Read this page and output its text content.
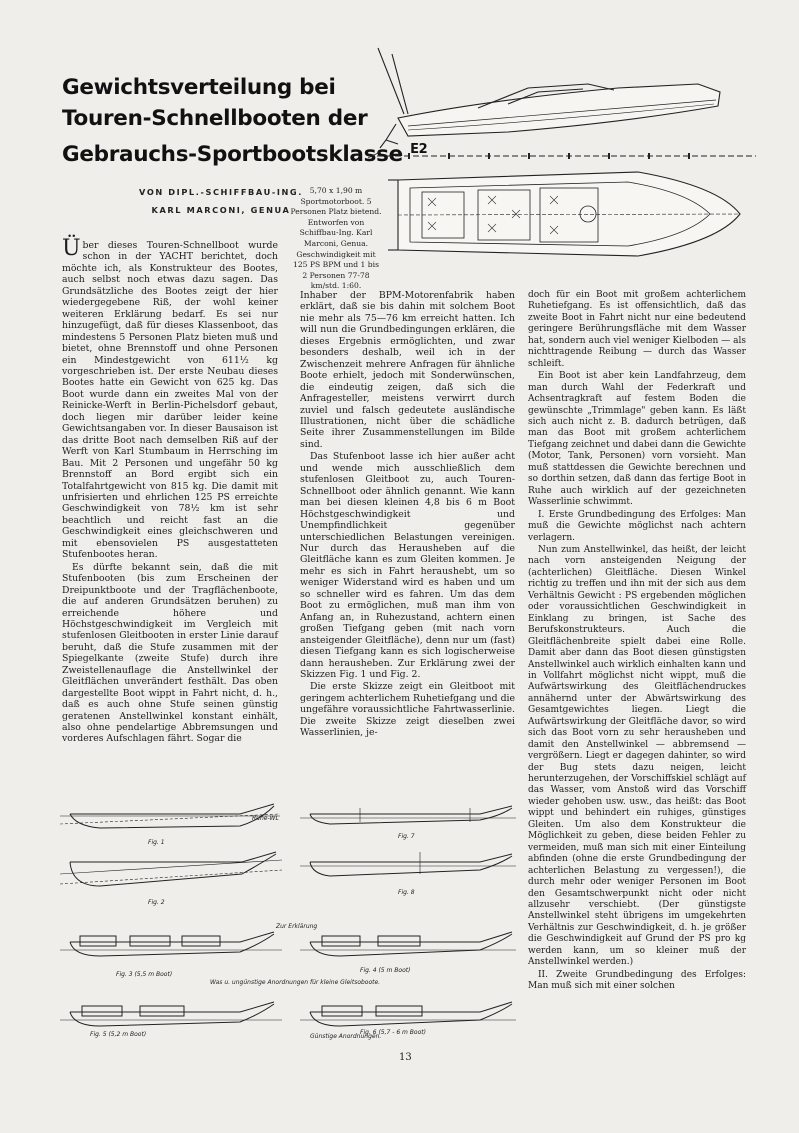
Gewichtsverteilung bei
Touren-Schnellbooten der
Gebrauchs-Sportbootsklasse $^{E2}$
VON DIPL.-SCHIFFBAU-ING.
KARL MARCONI, GENUA
5,70 x 1,90 m Sportmotorboot. 5 Personen Platz bietend. Entworfen von Schiffbau-Ing. Karl Marconi, Genua. Geschwindigkeit mit 125 PS BPM und 1 bis 2 Personen 77-78 km/std. 1:60.

Über dieses Touren-Schnellboot wurde schon in der YACHT berichtet, doch möchte ich, als Konstrukteur des Bootes, auch selbst noch etwas dazu sagen. Das Grundsätzliche des Bootes zeigt der hier wiedergegebene Riß, der wohl keiner weiteren Erklärung bedarf. Es sei nur hinzugefügt, daß für dieses Klassenboot, das mindestens 5 Personen Platz bieten muß und bietet, ohne Brennstoff und ohne Personen ein Mindestgewicht von 611½ kg vorgeschrieben ist. Der erste Neubau dieses Bootes hatte ein Gewicht von 625 kg. Das Boot wurde dann ein zweites Mal von der Reinicke-Werft in Berlin-Pichelsdorf gebaut, doch liegen mir darüber leider keine Gewichtsangaben vor. In dieser Bausaison ist das dritte Boot nach demselben Riß auf der Werft von Karl Stumbaum in Herrsching im Bau. Mit 2 Personen und ungefähr 50 kg Brennstoff an Bord ergibt sich ein Totalfahrtgewicht von 815 kg. Die damit mit unfrisierten und ehrlichen 125 PS erreichte Geschwindigkeit von 78½ km ist sehr beachtlich und reicht fast an die Geschwindigkeit eines gleichschweren und mit ebensovielen PS ausgestatteten Stufenbootes heran.

Es dürfte bekannt sein, daß die mit Stufenbooten (bis zum Erscheinen der Dreipunktboote und der Tragflächenboote, die auf anderen Grundsätzen beruhen) zu erreichende höhere und Höchstgeschwindigkeit im Vergleich mit stufenlosen Gleitbooten in erster Linie darauf beruht, daß die Stufe zusammen mit der Spiegelkante (zweite Stufe) durch ihre Zweistellenauflage die Anstellwinkel der Gleitflächen unverändert festhält. Das oben dargestellte Boot wippt in Fahrt nicht, d. h., daß es auch ohne Stufe seinen günstig geratenen Anstellwinkel konstant einhält, also ohne pendelartige Abbremsungen und vorderes Aufschlagen fährt. Sogar die

Inhaber der BPM-Motorenfabrik haben erklärt, daß sie bis dahin mit solchem Boot nie mehr als 75—76 km erreicht hatten. Ich will nun die Grundbedingungen erklären, die dieses Ergebnis ermöglichten, und zwar besonders deshalb, weil ich in der Zwischenzeit mehrere Anfragen für ähnliche Boote erhielt, jedoch mit Sonderwünschen, die eindeutig zeigen, daß sich die Anfragesteller, meistens verwirrt durch zuviel und falsch gedeutete ausländische Illustrationen, nicht über die schädliche Seite ihrer Zusammenstellungen im Bilde sind.

Das Stufenboot lasse ich hier außer acht und wende mich ausschließlich dem stufenlosen Gleitboot zu, auch Touren-Schnellboot oder ähnlich genannt. Wie kann man bei diesen kleinen 4,8 bis 6 m Boot Höchstgeschwindigkeit und Unempfindlichkeit gegenüber unterschiedlichen Belastungen vereinigen. Nur durch das Herausheben auf die Gleitfläche kann es zum Gleiten kommen. Je mehr es sich in Fahrt heraushebt, um so weniger Widerstand wird es haben und um so schneller wird es fahren. Um das dem Boot zu ermöglichen, muß man ihm von Anfang an, in Ruhezustand, achtern einen großen Tiefgang geben (mit nach vorn ansteigender Gleitfläche), denn nur um (fast) diesen Tiefgang kann es sich logischerweise dann herausheben. Zur Erklärung zwei der Skizzen Fig. 1 und Fig. 2.

Die erste Skizze zeigt ein Gleitboot mit geringem achterlichem Ruhetiefgang und die ungefähre voraussichtliche Fahrtwasserlinie. Die zweite Skizze zeigt dieselben zwei Wasserlinien, je-

doch für ein Boot mit großem achterlichem Ruhetiefgang. Es ist offensichtlich, daß das zweite Boot in Fahrt nicht nur eine bedeutend geringere Berührungsfläche mit dem Wasser hat, sondern auch viel weniger Kielboden — als nichttragende Reibung — durch das Wasser schleift.

Ein Boot ist aber kein Landfahrzeug, dem man durch Wahl der Federkraft und Achsentragkraft auf festem Boden die gewünschte „Trimmlage" geben kann. Es läßt sich auch nicht z. B. dadurch betrügen, daß man das Boot mit großem achterlichem Tiefgang zeichnet und dabei dann die Gewichte (Motor, Tank, Personen) vorn vorsieht. Man muß stattdessen die Gewichte berechnen und so dorthin setzen, daß dann das fertige Boot in Ruhe auch wirklich auf der gezeichneten Wasserlinie schwimmt.

I. Erste Grundbedingung des Erfolges: Man muß die Gewichte möglichst nach achtern verlagern.

Nun zum Anstellwinkel, das heißt, der leicht nach vorn ansteigenden Neigung der (achterlichen) Gleitfläche. Diesen Winkel richtig zu treffen und ihn mit der sich aus dem Verhältnis Gewicht : PS ergebenden möglichen oder voraussichtlichen Geschwindigkeit in Einklang zu bringen, ist Sache des Berufskonstrukteurs. Auch die Gleitflächenbreite spielt dabei eine Rolle. Damit aber dann das Boot diesen günstigsten Anstellwinkel auch wirklich einhalten kann und in Vollfahrt möglichst nicht wippt, muß die Aufwärtswirkung des Gleitflächendruckes annähernd unter der Abwärtswirkung des Gesamtgewichtes liegen. Liegt die Aufwärtswirkung der Gleitfläche davor, so wird sich das Boot vorn zu sehr herausheben und damit den Anstellwinkel — abbremsend — vergrößern. Liegt er dagegen dahinter, so wird der Bug stets dazu neigen, leicht herunterzugehen, der Vorschiffskiel schlägt auf das Wasser, vom Anstoß wird das Vorschiff wieder gehoben usw. usw., das heißt: das Boot wippt und behindert ein ruhiges, günstiges Gleiten. Um also dem Konstrukteur die Möglichkeit zu geben, diese beiden Fehler zu vermeiden, muß man sich mit einer Einteilung abfinden (ohne die erste Grundbedingung der achterlichen Belastung zu vergessen!), die durch mehr oder weniger Personen im Boot den Gesamtschwerpunkt nicht oder nicht allzusehr verschiebt. (Der günstigste Anstellwinkel steht übrigens im umgekehrten Verhältnis zur Geschwindigkeit, d. h. je größer die Geschwindigkeit auf Grund der PS pro kg werden kann, um so kleiner muß der Anstellwinkel werden.)

II. Zweite Grundbedingung des Erfolges: Man muß sich mit einer solchen

Fig. 1
Fig. 7
Fig. 2
Fig. 8
Fig. 3 (5,5 m Boot)
Fig. 4 (5 m Boot)
Fig. 5 (5,2 m Boot)	Fig. 6 (5,7 - 6 m Boot)
Ruhe-WL
Zur Erklärung
Was u. ungünstige Anordnungen für kleine Gleitsoboote.
Günstige Anordnungen.
13
